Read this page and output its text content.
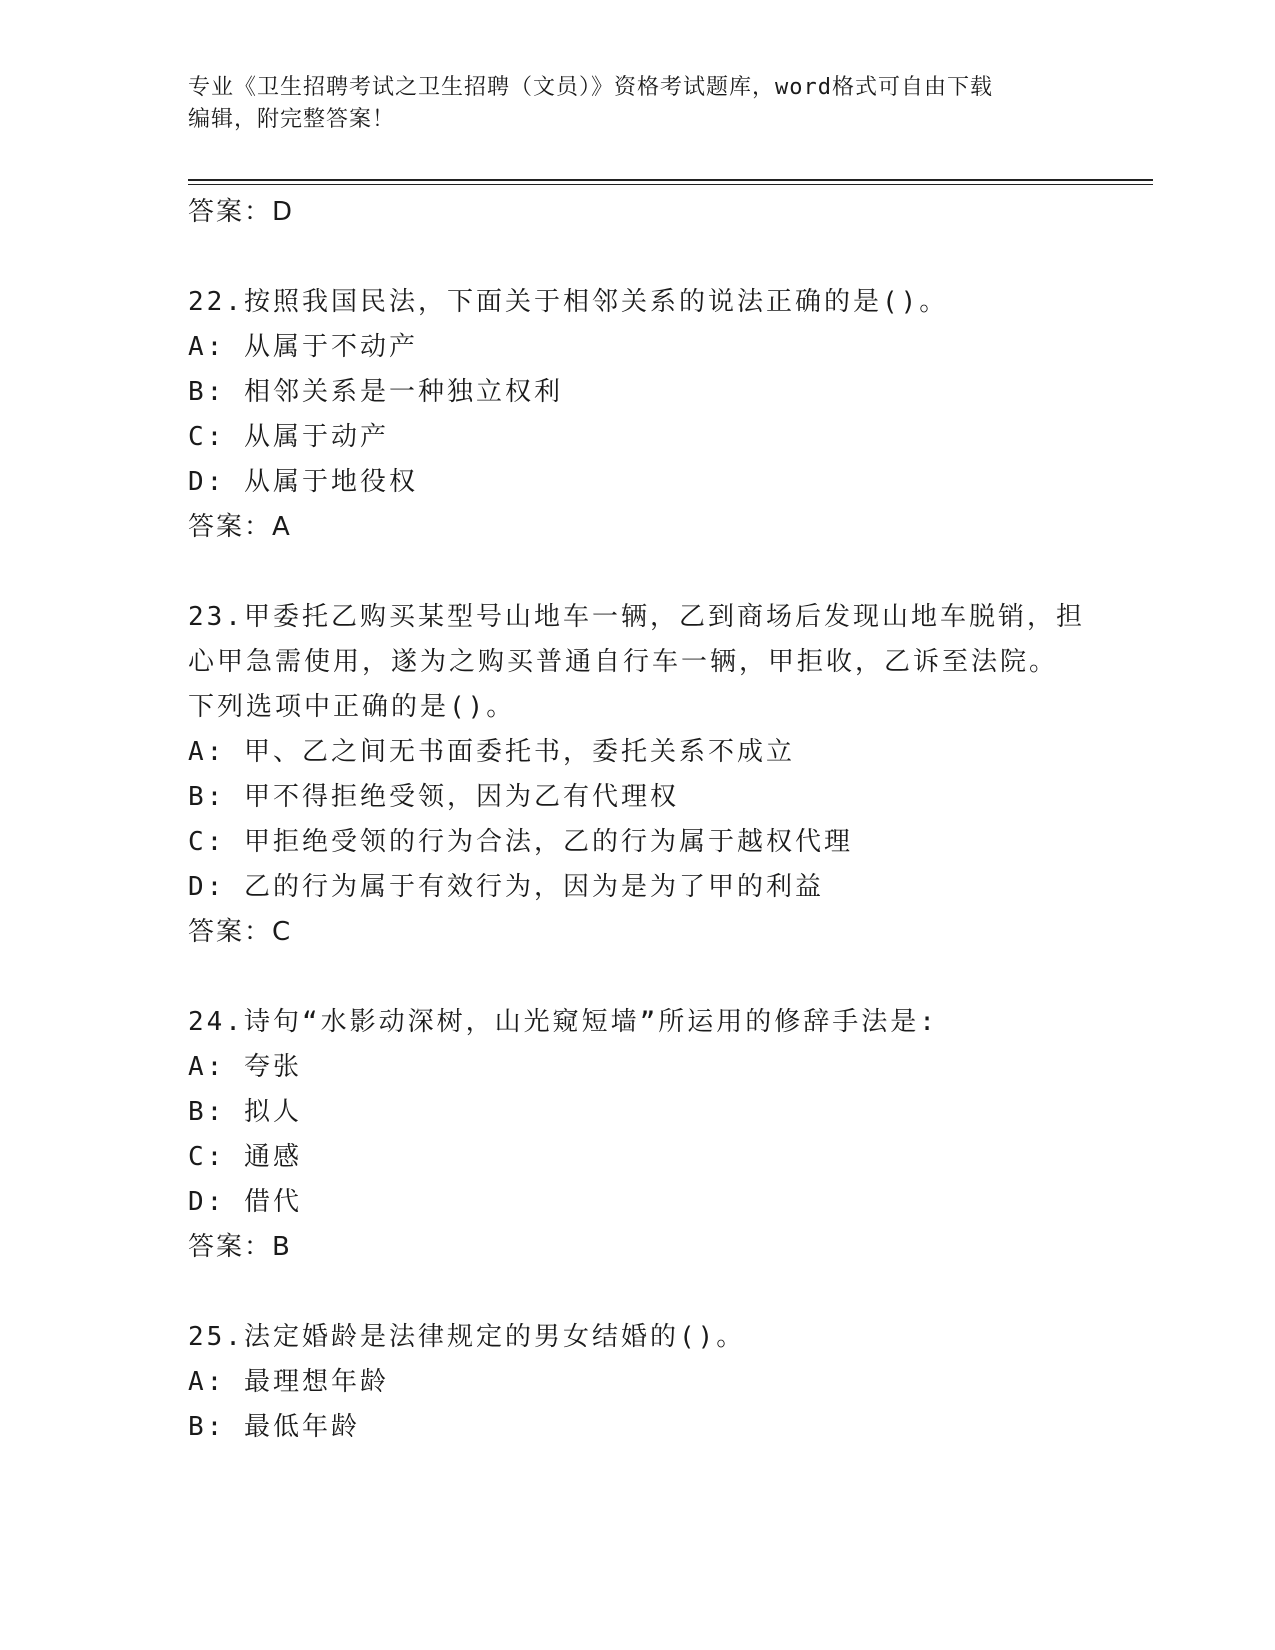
专业《卫生招聘考试之卫生招聘（文员）》资格考试题库，word格式可自由下载
编辑，附完整答案！
答案：D
22.按照我国民法，下面关于相邻关系的说法正确的是()。
A: 从属于不动产
B: 相邻关系是一种独立权利
C: 从属于动产
D: 从属于地役权
答案：A
23.甲委托乙购买某型号山地车一辆，乙到商场后发现山地车脱销，担
心甲急需使用，遂为之购买普通自行车一辆，甲拒收，乙诉至法院。
下列选项中正确的是()。
A: 甲、乙之间无书面委托书，委托关系不成立
B: 甲不得拒绝受领，因为乙有代理权
C: 甲拒绝受领的行为合法，乙的行为属于越权代理
D: 乙的行为属于有效行为，因为是为了甲的利益
答案：C
24.诗句“水影动深树，山光窥短墙”所运用的修辞手法是:
A: 夸张
B: 拟人
C: 通感
D: 借代
答案：B
25.法定婚龄是法律规定的男女结婚的()。
A: 最理想年龄
B: 最低年龄
